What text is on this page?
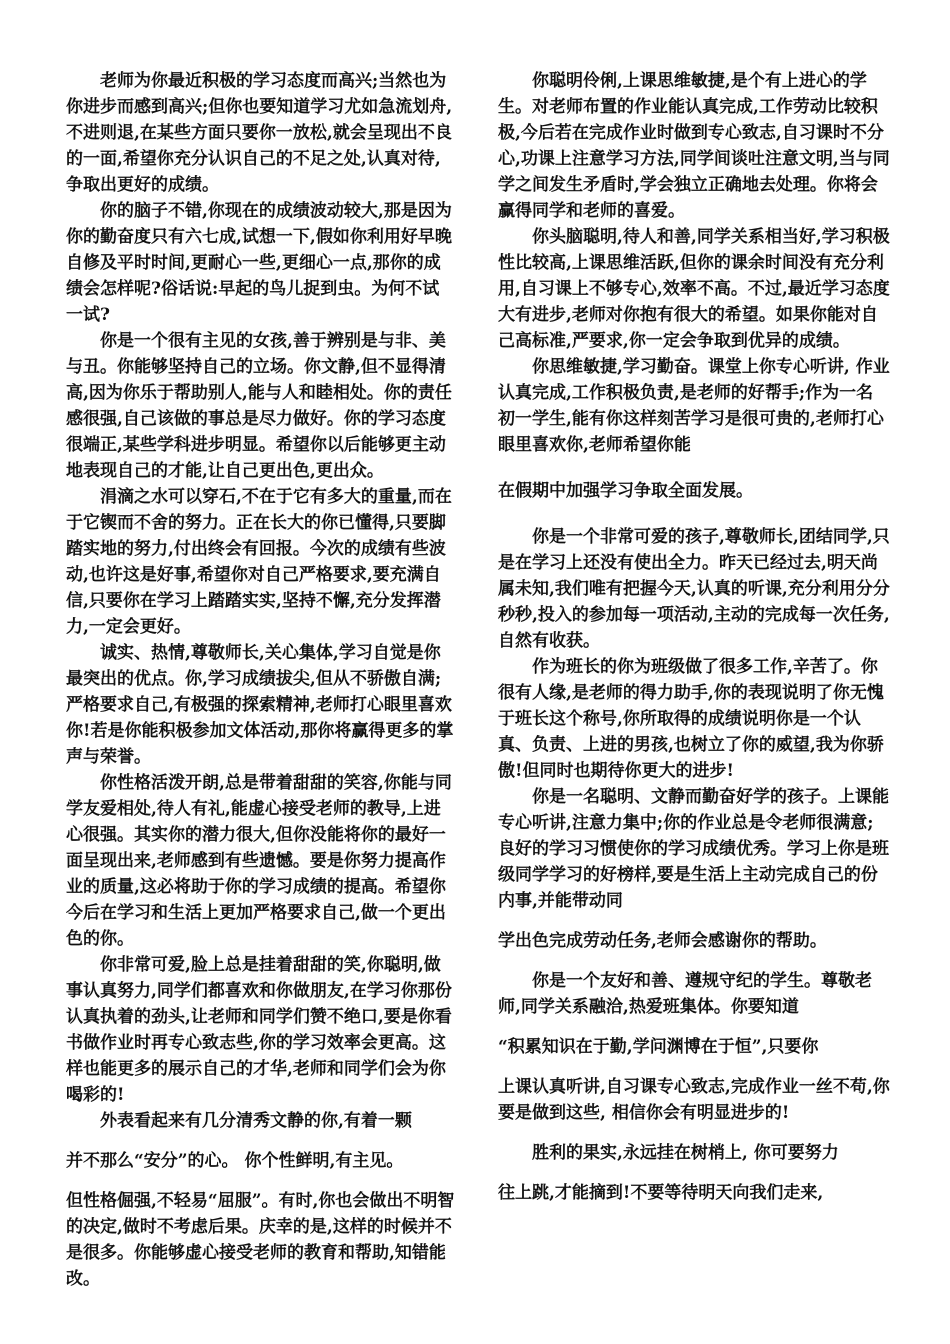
老师为你最近积极的学习态度而高兴;当然也为你进步而感到高兴;但你也要知道学习尤如急流划舟,不进则退,在某些方面只要你一放松,就会呈现出不良的一面,希望你充分认识自己的不足之处,认真对待,争取出更好的成绩。

你的脑子不错,你现在的成绩波动较大,那是因为你的勤奋度只有六七成,试想一下,假如你利用好早晚自修及平时时间,更耐心一些,更细心一点,那你的成绩会怎样呢?俗话说:早起的鸟儿捉到虫。为何不试一试?

你是一个很有主见的女孩,善于辨别是与非、美与丑。你能够坚持自己的立场。你文静,但不显得清高,因为你乐于帮助别人,能与人和睦相处。你的责任感很强,自己该做的事总是尽力做好。你的学习态度很端正,某些学科进步明显。希望你以后能够更主动地表现自己的才能,让自己更出色,更出众。

涓滴之水可以穿石,不在于它有多大的重量,而在于它锲而不舍的努力。正在长大的你已懂得,只要脚踏实地的努力,付出终会有回报。今次的成绩有些波动,也许这是好事,希望你对自己严格要求,要充满自信,只要你在学习上踏踏实实,坚持不懈,充分发挥潜力,一定会更好。

诚实、热情,尊敬师长,关心集体,学习自觉是你最突出的优点。你,学习成绩拔尖,但从不骄傲自满;严格要求自己,有极强的探索精神,老师打心眼里喜欢你!若是你能积极参加文体活动,那你将赢得更多的掌声与荣誉。

你性格活泼开朗,总是带着甜甜的笑容,你能与同学友爱相处,待人有礼,能虚心接受老师的教导,上进心很强。其实你的潜力很大,但你没能将你的最好一面呈现出来,老师感到有些遗憾。要是你努力提高作业的质量,这必将助于你的学习成绩的提高。希望你今后在学习和生活上更加严格要求自己,做一个更出色的你。

你非常可爱,脸上总是挂着甜甜的笑,你聪明,做事认真努力,同学们都喜欢和你做朋友,在学习你那份认真执着的劲头,让老师和同学们赞不绝口,要是你看书做作业时再专心致志些,你的学习效率会更高。这样也能更多的展示自己的才华,老师和同学们会为你喝彩的!

外表看起来有几分清秀文静的你,有着一颗

并不那么“安分”的心。 你个性鲜明,有主见。

但性格倔强,不轻易“屈服”。有时,你也会做出不明智的决定,做时不考虑后果。庆幸的是,这样的时候并不是很多。你能够虚心接受老师的教育和帮助,知错能改。

你聪明伶俐,上课思维敏捷,是个有上进心的学生。对老师布置的作业能认真完成,工作劳动比较积极,今后若在完成作业时做到专心致志,自习课时不分心,功课上注意学习方法,同学间谈吐注意文明,当与同学之间发生矛盾时,学会独立正确地去处理。你将会赢得同学和老师的喜爱。

你头脑聪明,待人和善,同学关系相当好,学习积极性比较高,上课思维活跃,但你的课余时间没有充分利用,自习课上不够专心,效率不高。不过,最近学习态度大有进步,老师对你抱有很大的希望。如果你能对自己高标准,严要求,你一定会争取到优异的成绩。

你思维敏捷,学习勤奋。课堂上你专心听讲, 作业认真完成,工作积极负责,是老师的好帮手;作为一名初一学生,能有你这样刻苦学习是很可贵的,老师打心眼里喜欢你,老师希望你能

在假期中加强学习争取全面发展。

你是一个非常可爱的孩子,尊敬师长,团结同学,只是在学习上还没有使出全力。昨天已经过去,明天尚属未知,我们唯有把握今天,认真的听课,充分利用分分秒秒,投入的参加每一项活动,主动的完成每一次任务, 自然有收获。

作为班长的你为班级做了很多工作,辛苦了。你很有人缘,是老师的得力助手,你的表现说明了你无愧于班长这个称号,你所取得的成绩说明你是一个认真、负责、上进的男孩,也树立了你的威望,我为你骄傲!但同时也期待你更大的进步!

你是一名聪明、文静而勤奋好学的孩子。上课能专心听讲,注意力集中;你的作业总是令老师很满意;良好的学习习惯使你的学习成绩优秀。学习上你是班级同学学习的好榜样,要是生活上主动完成自己的份内事,并能带动同

学出色完成劳动任务,老师会感谢你的帮助。

你是一个友好和善、遵规守纪的学生。尊敬老师,同学关系融洽,热爱班集体。你要知道

“积累知识在于勤,学问渊博在于恒”,只要你

上课认真听讲,自习课专心致志,完成作业一丝不苟,你要是做到这些, 相信你会有明显进步的!

胜利的果实,永远挂在树梢上, 你可要努力

往上跳,才能摘到!不要等待明天向我们走来,
